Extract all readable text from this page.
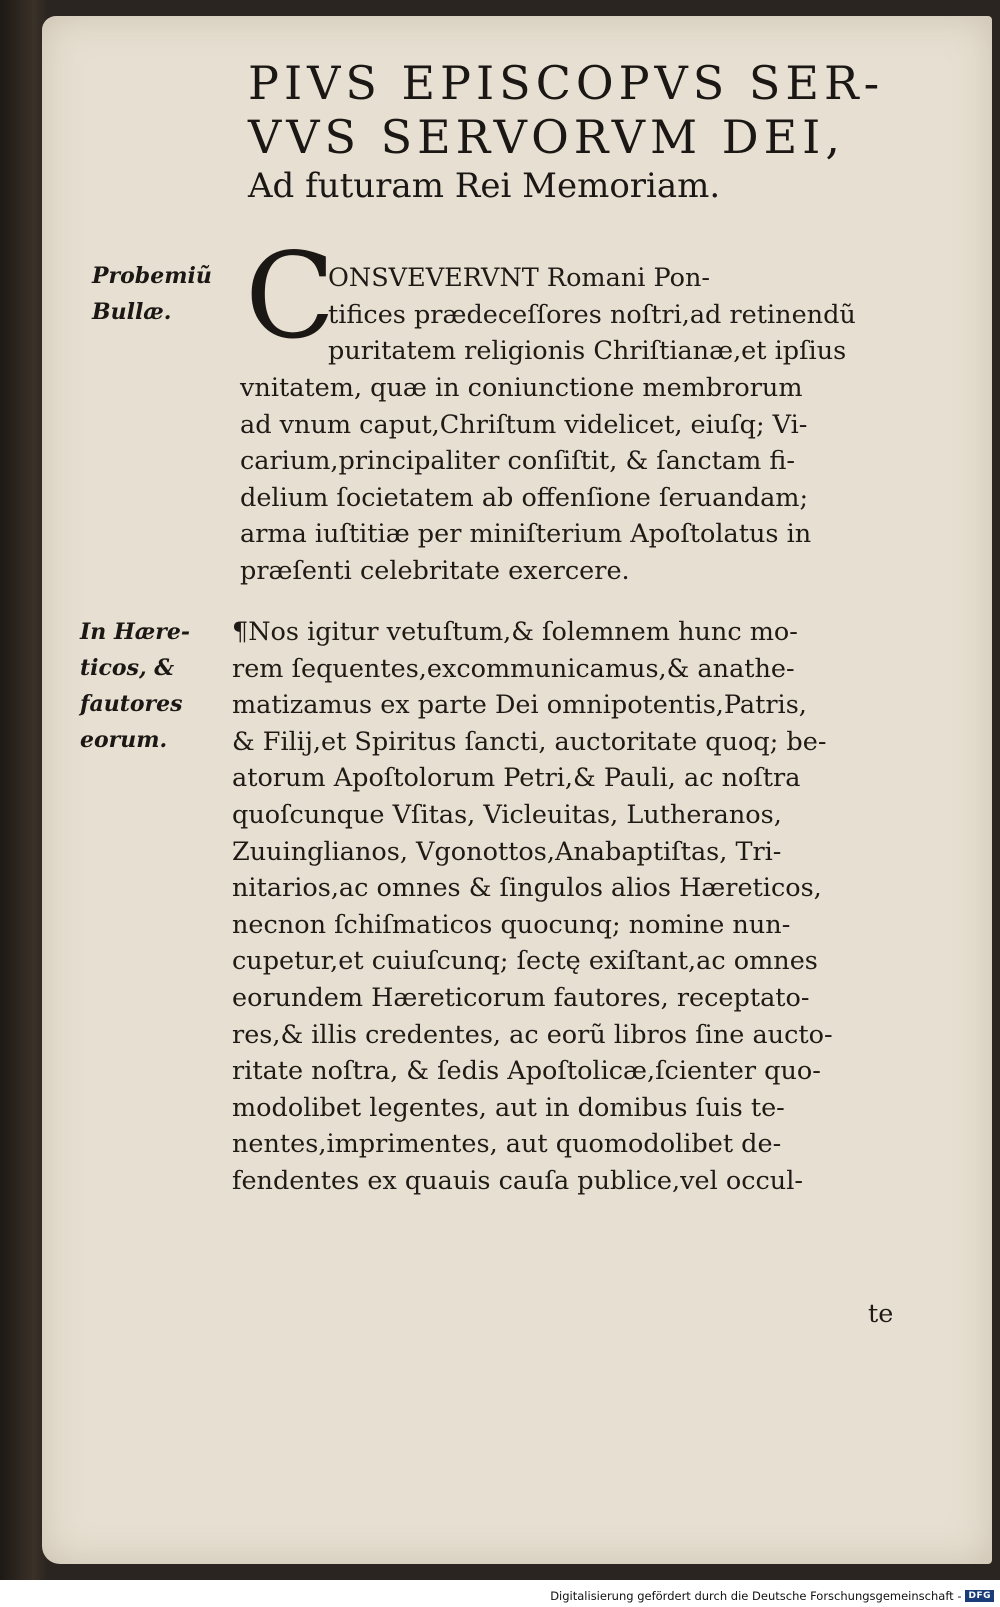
PIVS EPISCOPVS SER-
VVS SERVORVM DEI,
Ad futuram Rei Memoriam.
Probemiũ
Bullæ.
In Hære-
ticos, &
fautores
eorum.
C
ONSVEVERVNT Romani Pon-
tifices prædeceſſores noſtri,ad retinendũ
puritatem religionis Chriſtianæ,et ipſius
vnitatem, quæ in coniunctione membrorum
ad vnum caput,Chriſtum videlicet, eiuſq; Vi-
carium,principaliter conſiſtit, & ſanctam fi-
delium ſocietatem ab offenſione ſeruandam;
arma iuſtitiæ per miniſterium Apoſtolatus in
præſenti celebritate exercere.
¶Nos igitur vetuſtum,& ſolemnem hunc mo-
rem ſequentes,excommunicamus,& anathe-
matizamus ex parte Dei omnipotentis,Patris,
& Filij,et Spiritus ſancti, auctoritate quoq; be-
atorum Apoſtolorum Petri,& Pauli, ac noſtra
quoſcunque Vſitas, Vicleuitas, Lutheranos,
Zuuinglianos, Vgonottos,Anabaptiſtas, Tri-
nitarios,ac omnes & ſingulos alios Hæreticos,
necnon ſchiſmaticos quocunq; nomine nun-
cupetur,et cuiuſcunq; ſectę exiſtant,ac omnes
eorundem Hæreticorum fautores, receptato-
res,& illis credentes, ac eorũ libros ſine aucto-
ritate noſtra, & ſedis Apoſtolicæ,ſcienter quo-
modolibet legentes, aut in domibus ſuis te-
nentes,imprimentes, aut quomodolibet de-
fendentes ex quauis cauſa publice,vel occul-
te
Digitalisierung gefördert durch die Deutsche Forschungsgemeinschaft - DFG
